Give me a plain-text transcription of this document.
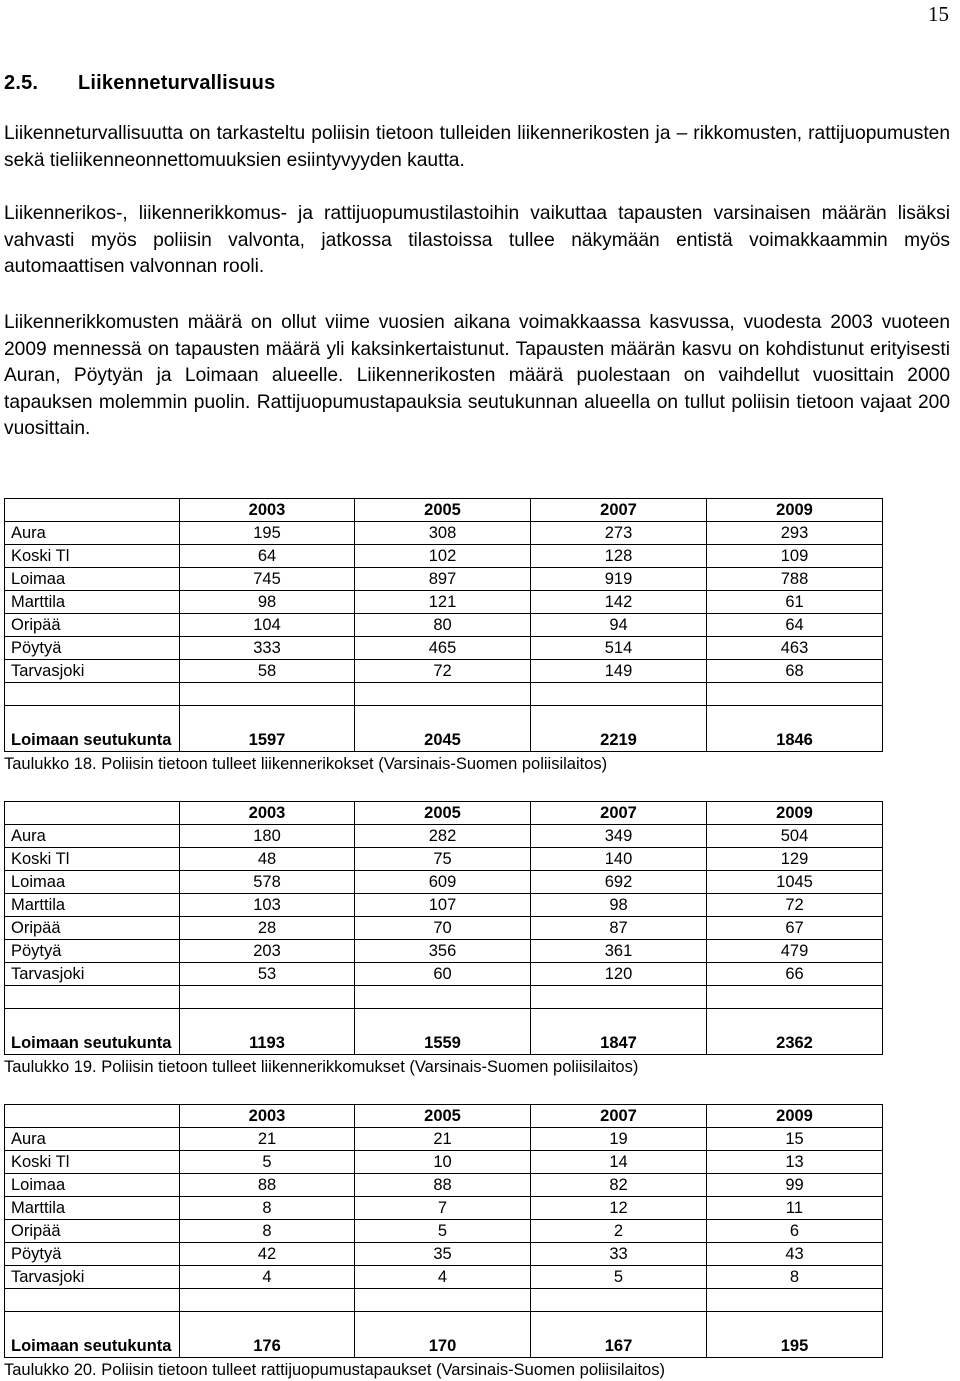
15
2.5. Liikenneturvallisuus

Liikenneturvallisuutta on tarkasteltu poliisin tietoon tulleiden liikennerikosten ja – rikkomusten, rattijuopumusten sekä tieliikenneonnettomuuksien esiintyvyyden kautta.

Liikennerikos-, liikennerikkomus- ja rattijuopumustilastoihin vaikuttaa tapausten varsinaisen määrän lisäksi vahvasti myös poliisin valvonta, jatkossa tilastoissa tullee näkymään entistä voimakkaammin myös automaattisen valvonnan rooli.

Liikennerikkomusten määrä on ollut viime vuosien aikana voimakkaassa kasvussa, vuodesta 2003 vuoteen 2009 mennessä on tapausten määrä yli kaksinkertaistunut. Tapausten määrän kasvu on kohdistunut erityisesti Auran, Pöytyän ja Loimaan alueelle. Liikennerikosten määrä puolestaan on vaihdellut vuosittain 2000 tapauksen molemmin puolin. Rattijuopumustapauksia seutukunnan alueella on tullut poliisin tietoon vajaat 200 vuosittain.

	2003	2005	2007	2009
Aura	195	308	273	293
Koski Tl	64	102	128	109
Loimaa	745	897	919	788
Marttila	98	121	142	61
Oripää	104	80	94	64
Pöytyä	333	465	514	463
Tarvasjoki	58	72	149	68

Loimaan seutukunta	1597	2045	2219	1846
Taulukko 18. Poliisin tietoon tulleet liikennerikokset (Varsinais-Suomen poliisilaitos)
	2003	2005	2007	2009
Aura	180	282	349	504
Koski Tl	48	75	140	129
Loimaa	578	609	692	1045
Marttila	103	107	98	72
Oripää	28	70	87	67
Pöytyä	203	356	361	479
Tarvasjoki	53	60	120	66

Loimaan seutukunta	1193	1559	1847	2362
Taulukko 19. Poliisin tietoon tulleet liikennerikkomukset (Varsinais-Suomen poliisilaitos)
	2003	2005	2007	2009
Aura	21	21	19	15
Koski Tl	5	10	14	13
Loimaa	88	88	82	99
Marttila	8	7	12	11
Oripää	8	5	2	6
Pöytyä	42	35	33	43
Tarvasjoki	4	4	5	8

Loimaan seutukunta	176	170	167	195
Taulukko 20. Poliisin tietoon tulleet rattijuopumustapaukset (Varsinais-Suomen poliisilaitos)
